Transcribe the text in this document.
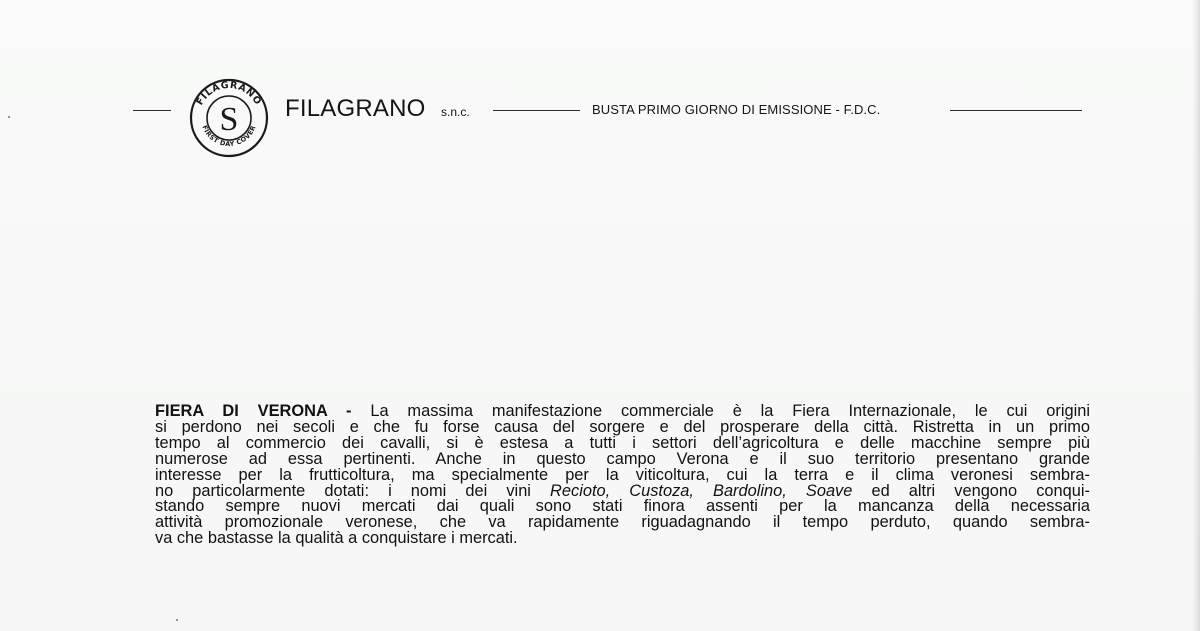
FILAGRANO
FIRST DAY COVER
S FILAGRANO s.n.c.	BUSTA PRIMO GIORNO DI EMISSIONE - F.D.C.
FIERA DI VERONA - La massima manifestazione commerciale è la Fiera Internazionale, le cui origini
si perdono nei secoli e che fu forse causa del sorgere e del prosperare della città. Ristretta in un primo
tempo al commercio dei cavalli, si è estesa a tutti i settori dell’agricoltura e delle macchine sempre più
numerose ad essa pertinenti. Anche in questo campo Verona e il suo territorio presentano grande
interesse per la frutticoltura, ma specialmente per la viticoltura, cui la terra e il clima veronesi sembra-
no particolarmente dotati: i nomi dei vini Recioto, Custoza, Bardolino, Soave ed altri vengono conqui-
stando sempre nuovi mercati dai quali sono stati finora assenti per la mancanza della necessaria
attività promozionale veronese, che va rapidamente riguadagnando il tempo perduto, quando sembra-
va che bastasse la qualità a conquistare i mercati.
